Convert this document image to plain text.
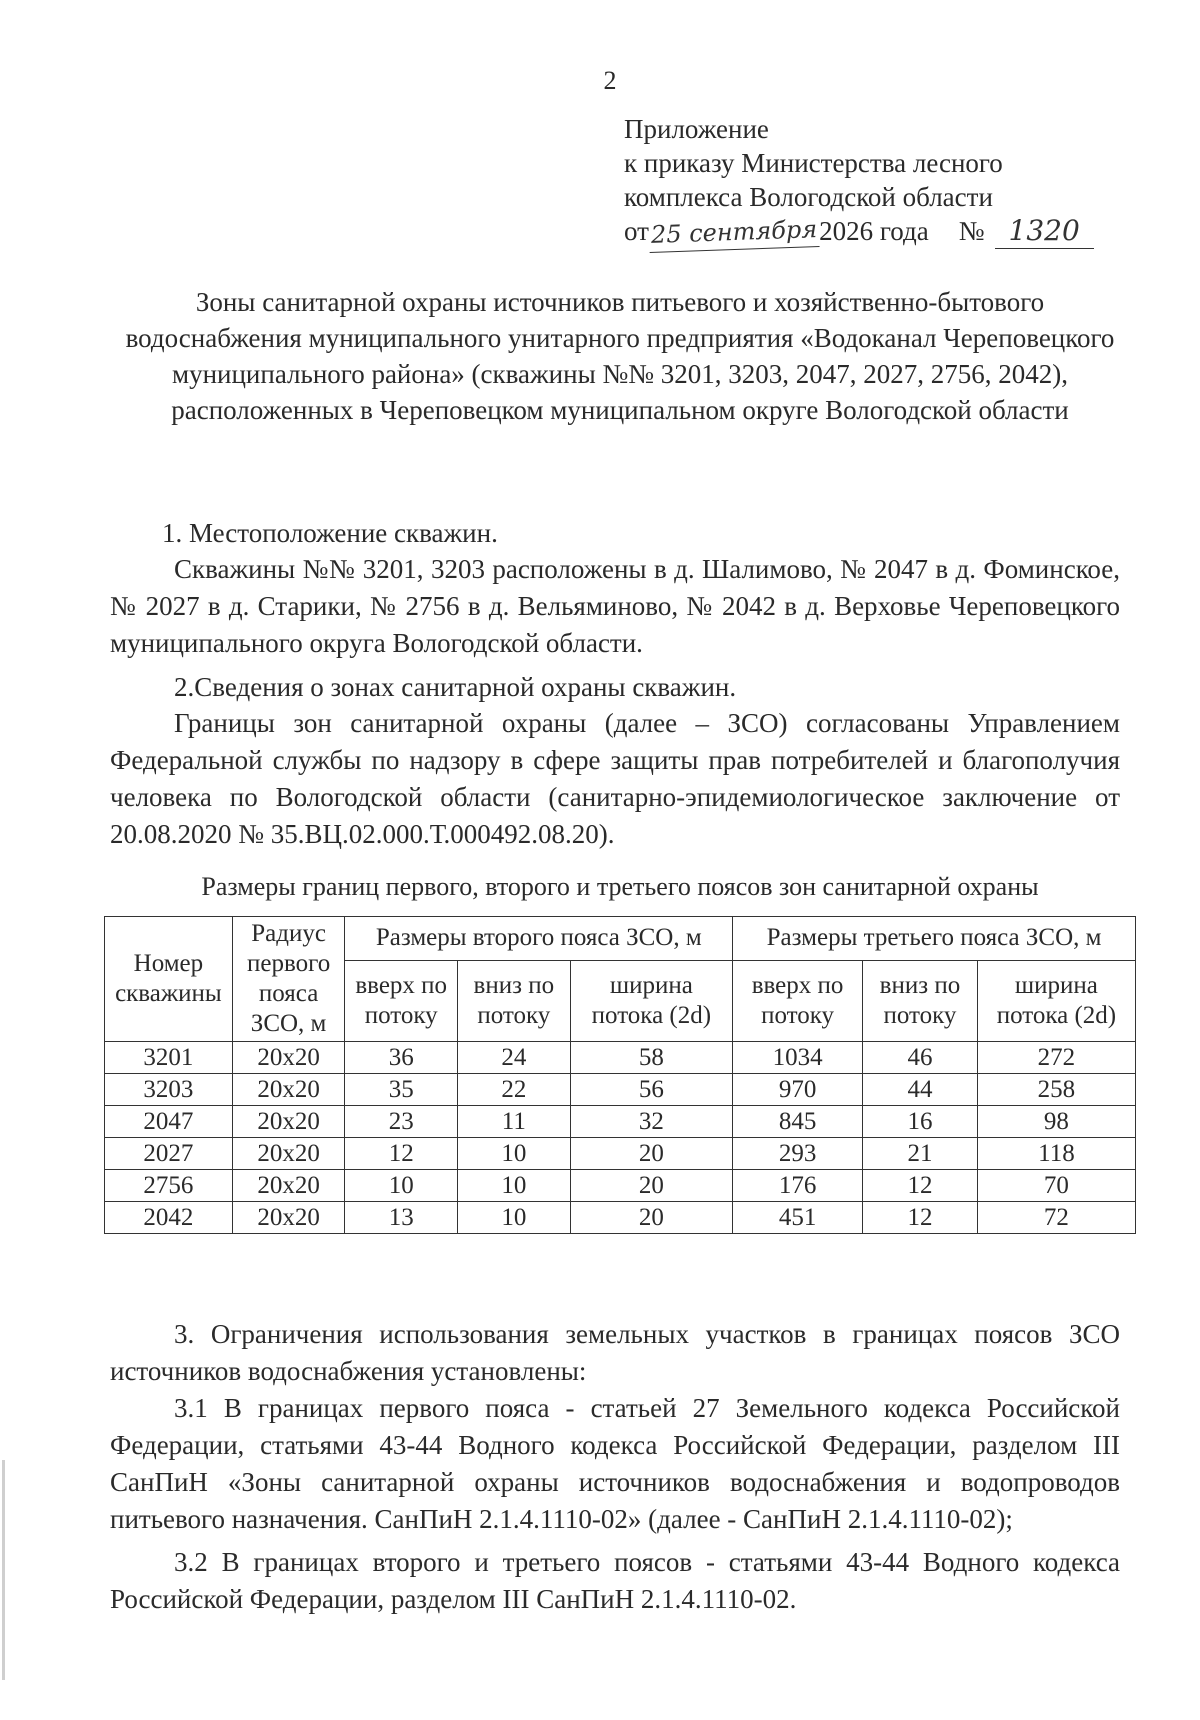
2
Приложение
к приказу Министерства лесного
комплекса Вологодской области
от25 сентября2026 года № 1320
Зоны санитарной охраны источников питьевого и хозяйственно-бытового водоснабжения муниципального унитарного предприятия «Водоканал Череповецкого муниципального района» (скважины №№ 3201, 3203, 2047, 2027, 2756, 2042), расположенных в Череповецком муниципальном округе Вологодской области

1. Местоположение скважин.

Скважины №№ 3201, 3203 расположены в д. Шалимово, № 2047 в д. Фоминское, № 2027 в д. Старики, № 2756 в д. Вельяминово, № 2042 в д. Верховье Череповецкого муниципального округа Вологодской области.

2.Сведения о зонах санитарной охраны скважин.

Границы зон санитарной охраны (далее – ЗСО) согласованы Управлением Федеральной службы по надзору в сфере защиты прав потребителей и благополучия человека по Вологодской области (санитарно-эпидемиологическое заключение от 20.08.2020 № 35.ВЦ.02.000.Т.000492.08.20).

Размеры границ первого, второго и третьего поясов зон санитарной охраны
Номер скважины	Радиус первого пояса ЗСО, м	Размеры второго пояса ЗСО, м			Размеры третьего пояса ЗСО, м		
		вверх по потоку	вниз по потоку	ширина потока (2d)	вверх по потоку	вниз по потоку	ширина потока (2d)
3201	20х20	36	24	58	1034	46	272
3203	20х20	35	22	56	970	44	258
2047	20х20	23	11	32	845	16	98
2027	20х20	12	10	20	293	21	118
2756	20х20	10	10	20	176	12	70
2042	20х20	13	10	20	451	12	72

3. Ограничения использования земельных участков в границах поясов ЗСО источников водоснабжения установлены:

3.1 В границах первого пояса - статьей 27 Земельного кодекса Российской Федерации, статьями 43-44 Водного кодекса Российской Федерации, разделом III СанПиН «Зоны санитарной охраны источников водоснабжения и водопроводов питьевого назначения. СанПиН 2.1.4.1110-02» (далее - СанПиН 2.1.4.1110-02);

3.2 В границах второго и третьего поясов - статьями 43-44 Водного кодекса Российской Федерации, разделом III СанПиН 2.1.4.1110-02.
